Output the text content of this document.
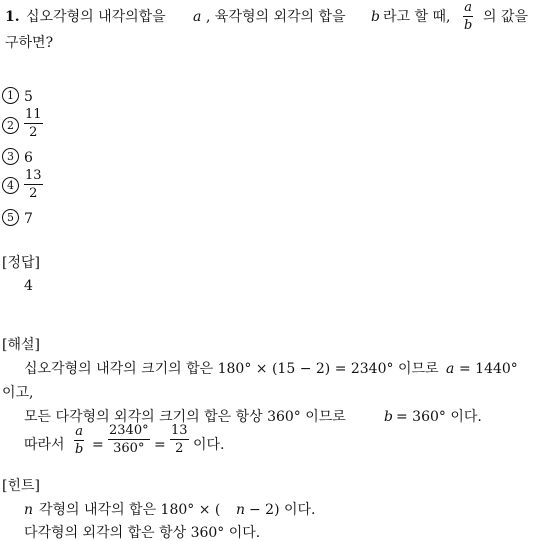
1. 십오각형의 내각의합을 a , 육각형의 외각의 합을 b 라고 할 때,
a
b
의 값을
구하면?
1 5
2
11
2
3 6
4
13
2
5 7
[정답]
4
[해설]
십오각형의 내각의 크기의 합은 180° × (15 − 2) = 2340° 이므로 a = 1440°
이고,
모든 다각형의 외각의 크기의 합은 항상 360° 이므로	b = 360° 이다.
따라서
a
b =
2340°
360° =
13
2 이다.
[힌트]
n 각형의 내각의 합은 180° × ( n − 2) 이다.
다각형의 외각의 합은 항상 360° 이다.
